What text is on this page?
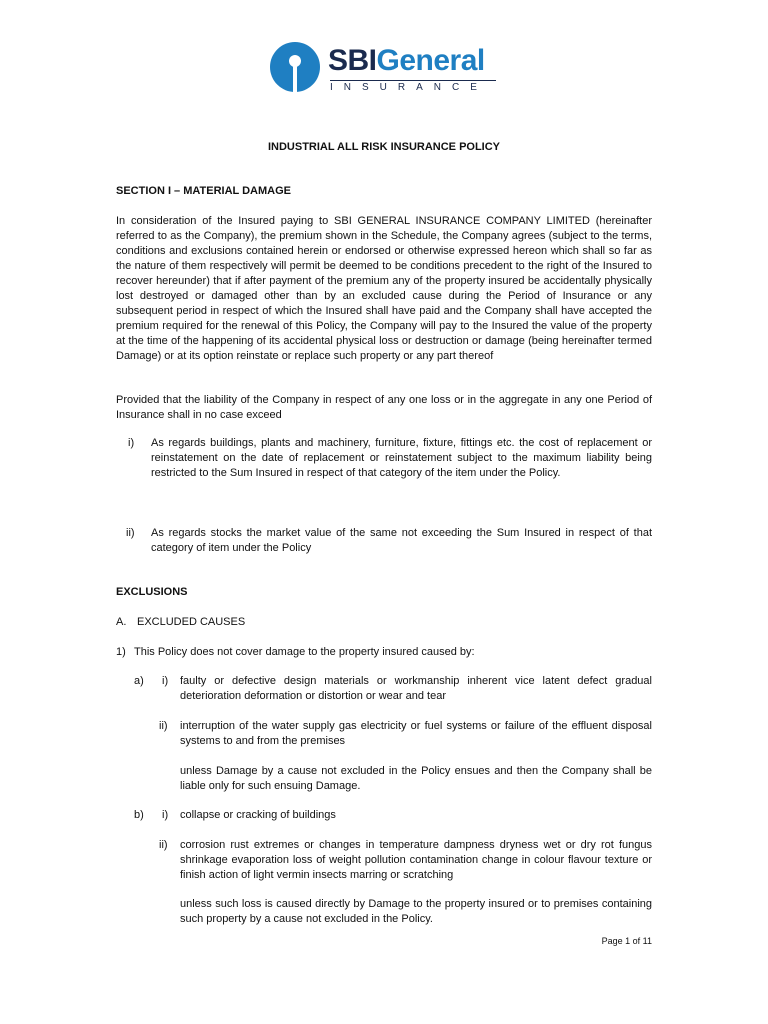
SBIGeneral
INSURANCE

INDUSTRIAL ALL RISK INSURANCE POLICY

SECTION I – MATERIAL DAMAGE

In consideration of the Insured paying to SBI GENERAL INSURANCE COMPANY LIMITED (hereinafter referred to as the Company), the premium shown in the Schedule, the Company agrees (subject to the terms, conditions and exclusions contained herein or endorsed or otherwise expressed hereon which shall so far as the nature of them respectively will permit be deemed to be conditions precedent to the right of the Insured to recover hereunder) that if after payment of the premium any of the property insured be accidentally physically lost destroyed or damaged other than by an excluded cause during the Period of Insurance or any subsequent period in respect of which the Insured shall have paid and the Company shall have accepted the premium required for the renewal of this Policy, the Company will pay to the Insured the value of the property at the time of the happening of its accidental physical loss or destruction or damage (being hereinafter termed Damage) or at its option reinstate or replace such property or any part thereof

Provided that the liability of the Company in respect of any one loss or in the aggregate in any one Period of Insurance shall in no case exceed

i) As regards buildings, plants and machinery, furniture, fixture, fittings etc. the cost of replacement or reinstatement on the date of replacement or reinstatement subject to the maximum liability being restricted to the Sum Insured in respect of that category of the item under the Policy.

ii) As regards stocks the market value of the same not exceeding the Sum Insured in respect of that category of item under the Policy

EXCLUSIONS

A. EXCLUDED CAUSES

1) This Policy does not cover damage to the property insured caused by:

a) i) faulty or defective design materials or workmanship inherent vice latent defect gradual deterioration deformation or distortion or wear and tear

ii) interruption of the water supply gas electricity or fuel systems or failure of the effluent disposal systems to and from the premises

unless Damage by a cause not excluded in the Policy ensues and then the Company shall be liable only for such ensuing Damage.

b) i) collapse or cracking of buildings

ii) corrosion rust extremes or changes in temperature dampness dryness wet or dry rot fungus shrinkage evaporation loss of weight pollution contamination change in colour flavour texture or finish action of light vermin insects marring or scratching

unless such loss is caused directly by Damage to the property insured or to premises containing such property by a cause not excluded in the Policy.

Page 1 of 11
